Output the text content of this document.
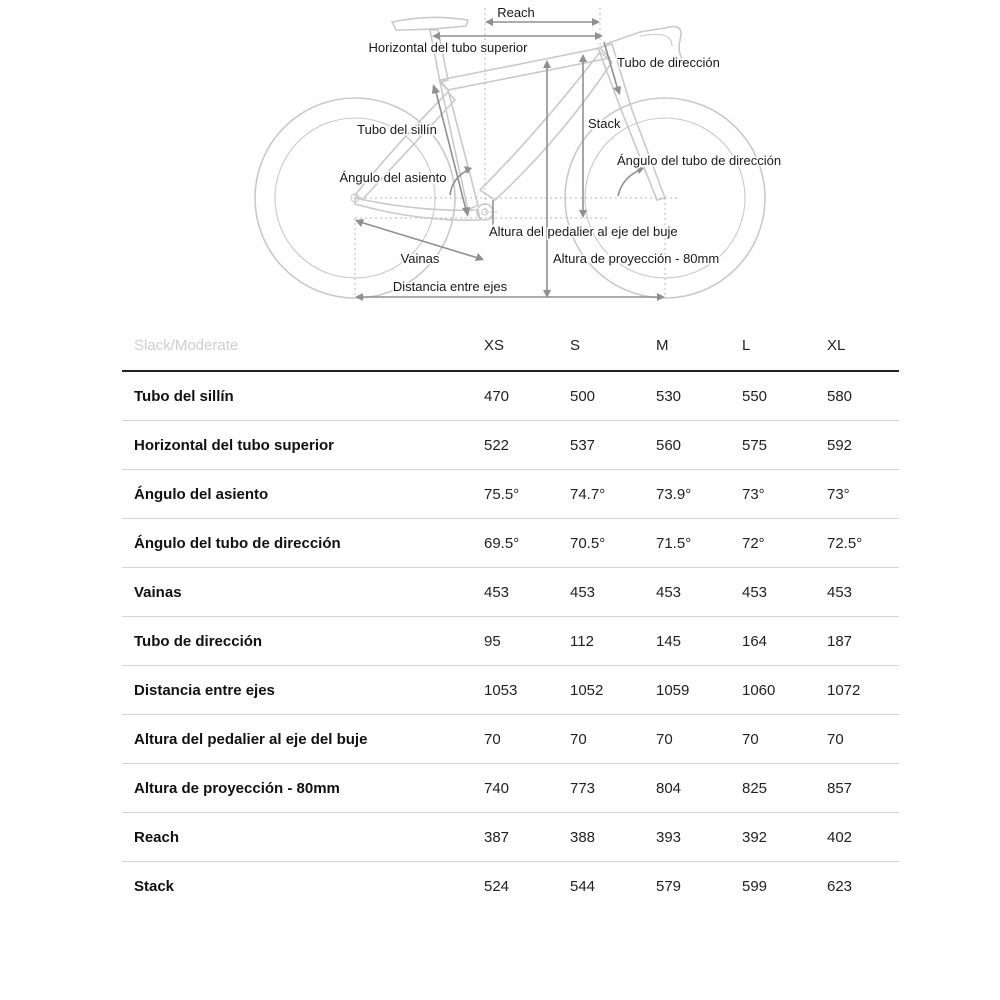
Reach
Horizontal del tubo superior
Tubo de dirección
Tubo del sillín	Stack
Ángulo del tubo de dirección
Ángulo del asiento
Altura del pedalier al eje del buje
Vainas	Altura de proyección - 80mm
Distancia entre ejes
Slack/Moderate	XS	S	M	L	XL
Tubo del sillín	470	500	530	550	580
Horizontal del tubo superior	522	537	560	575	592
Ángulo del asiento	75.5°	74.7°	73.9°	73°	73°
Ángulo del tubo de dirección	69.5°	70.5°	71.5°	72°	72.5°
Vainas	453	453	453	453	453
Tubo de dirección	95	112	145	164	187
Distancia entre ejes	1053	1052	1059	1060	1072
Altura del pedalier al eje del buje	70	70	70	70	70
Altura de proyección - 80mm	740	773	804	825	857
Reach	387	388	393	392	402
Stack	524	544	579	599	623
